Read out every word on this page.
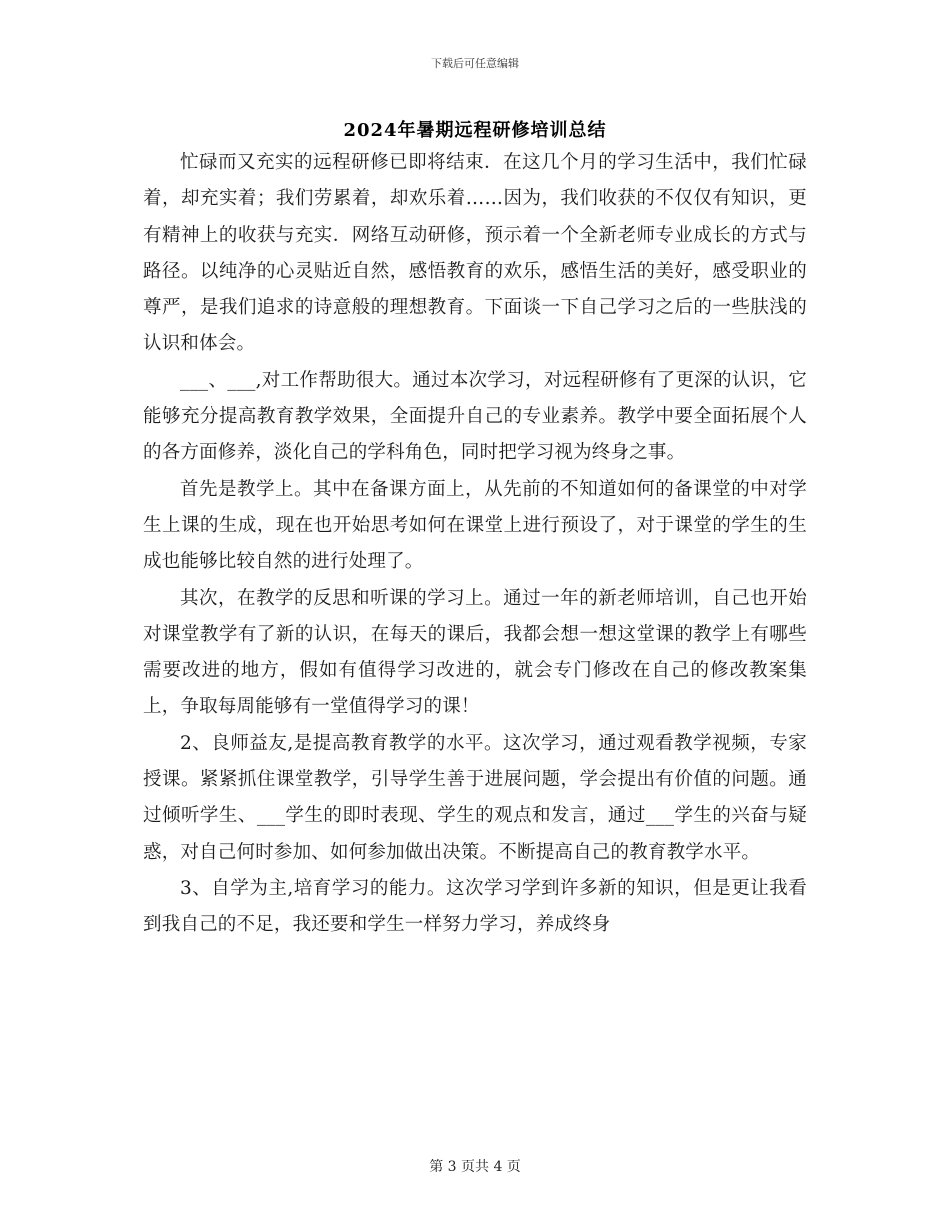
下载后可任意编辑
2024年暑期远程研修培训总结

忙碌而又充实的远程研修已即将结束．在这几个月的学习生活中，我们忙碌着，却充实着；我们劳累着，却欢乐着……因为，我们收获的不仅仅有知识，更有精神上的收获与充实．网络互动研修，预示着一个全新老师专业成长的方式与路径。以纯净的心灵贴近自然，感悟教育的欢乐，感悟生活的美好，感受职业的尊严，是我们追求的诗意般的理想教育。下面谈一下自己学习之后的一些肤浅的认识和体会。

___、___,对工作帮助很大。通过本次学习，对远程研修有了更深的认识，它能够充分提高教育教学效果，全面提升自己的专业素养。教学中要全面拓展个人的各方面修养，淡化自己的学科角色，同时把学习视为终身之事。

首先是教学上。其中在备课方面上，从先前的不知道如何的备课堂的中对学生上课的生成，现在也开始思考如何在课堂上进行预设了，对于课堂的学生的生成也能够比较自然的进行处理了。

其次，在教学的反思和听课的学习上。通过一年的新老师培训，自己也开始对课堂教学有了新的认识，在每天的课后，我都会想一想这堂课的教学上有哪些需要改进的地方，假如有值得学习改进的，就会专门修改在自己的修改教案集上，争取每周能够有一堂值得学习的课！

2、良师益友,是提高教育教学的水平。这次学习，通过观看教学视频，专家授课。紧紧抓住课堂教学，引导学生善于进展问题，学会提出有价值的问题。通过倾听学生、___学生的即时表现、学生的观点和发言，通过___学生的兴奋与疑惑，对自己何时参加、如何参加做出决策。不断提高自己的教育教学水平。

3、自学为主,培育学习的能力。这次学习学到许多新的知识，但是更让我看到我自己的不足，我还要和学生一样努力学习，养成终身

第 3 页共 4 页
